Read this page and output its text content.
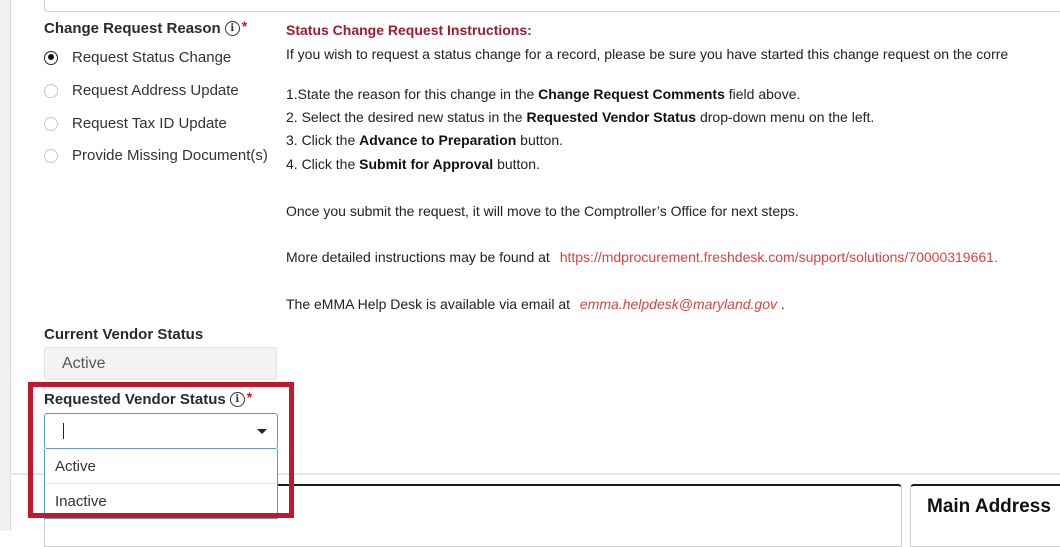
Change Request Reason i *
Request Status Change
Request Address Update
Request Tax ID Update
Provide Missing Document(s)
Status Change Request Instructions:
If you wish to request a status change for a record, please be sure you have started this change request on the corre
1.State the reason for this change in the Change Request Comments field above.
2. Select the desired new status in the Requested Vendor Status drop-down menu on the left.
3. Click the Advance to Preparation button.
4. Click the Submit for Approval button.
Once you submit the request, it will move to the Comptroller’s Office for next steps.
More detailed instructions may be found at https://mdprocurement.freshdesk.com/support/solutions/70000319661.
The eMMA Help Desk is available via email at emma.helpdesk@maryland.gov .
Current Vendor Status
Active
Requested Vendor Status i *
Active
Inactive	Main Address
